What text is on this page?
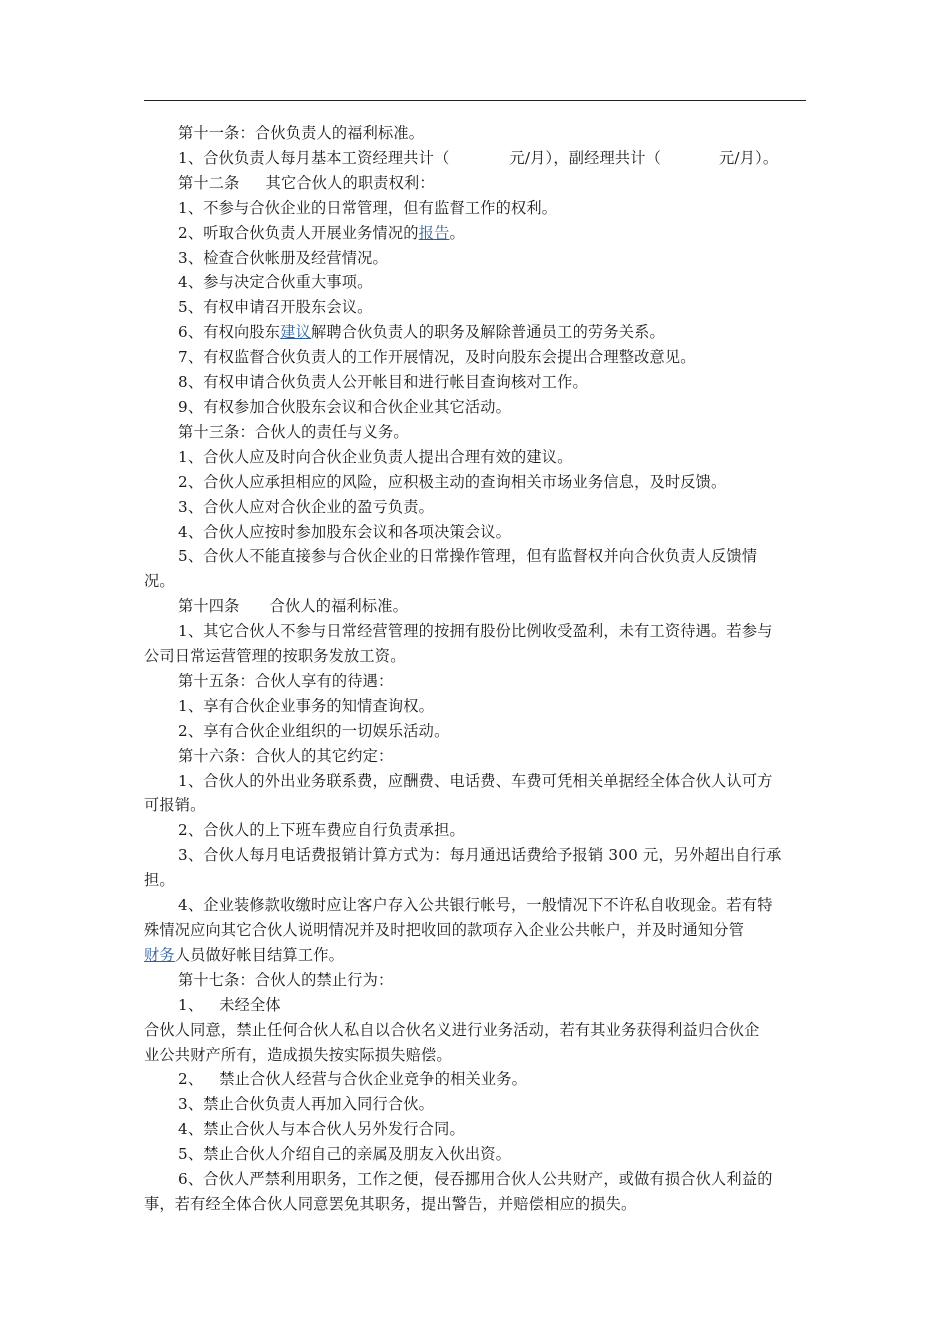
第十一条：合伙负责人的福利标准。

1、合伙负责人每月基本工资经理共计（	元/月），副经理共计（	元/月）。

第十二条 其它合伙人的职责权利：

1、不参与合伙企业的日常管理，但有监督工作的权利。

2、听取合伙负责人开展业务情况的报告。

3、检查合伙帐册及经营情况。

4、参与决定合伙重大事项。

5、有权申请召开股东会议。

6、有权向股东建议解聘合伙负责人的职务及解除普通员工的劳务关系。

7、有权监督合伙负责人的工作开展情况，及时向股东会提出合理整改意见。

8、有权申请合伙负责人公开帐目和进行帐目查询核对工作。

9、有权参加合伙股东会议和合伙企业其它活动。

第十三条：合伙人的责任与义务。

1、合伙人应及时向合伙企业负责人提出合理有效的建议。

2、合伙人应承担相应的风险，应积极主动的查询相关市场业务信息，及时反馈。

3、合伙人应对合伙企业的盈亏负责。

4、合伙人应按时参加股东会议和各项决策会议。

5、合伙人不能直接参与合伙企业的日常操作管理，但有监督权并向合伙负责人反馈情

况。

第十四条 合伙人的福利标准。

1、其它合伙人不参与日常经营管理的按拥有股份比例收受盈利，未有工资待遇。若参与

公司日常运营管理的按职务发放工资。

第十五条：合伙人享有的待遇：

1、享有合伙企业事务的知情查询权。

2、享有合伙企业组织的一切娱乐活动。

第十六条：合伙人的其它约定：

1、合伙人的外出业务联系费，应酬费、电话费、车费可凭相关单据经全体合伙人认可方

可报销。

2、合伙人的上下班车费应自行负责承担。

3、合伙人每月电话费报销计算方式为：每月通迅话费给予报销 300 元，另外超出自行承

担。

4、企业装修款收缴时应让客户存入公共银行帐号，一般情况下不许私自收现金。若有特

殊情况应向其它合伙人说明情况并及时把收回的款项存入企业公共帐户，并及时通知分管

财务人员做好帐目结算工作。

第十七条：合伙人的禁止行为：

1、 未经全体

合伙人同意，禁止任何合伙人私自以合伙名义进行业务活动，若有其业务获得利益归合伙企

业公共财产所有，造成损失按实际损失赔偿。

2、 禁止合伙人经营与合伙企业竞争的相关业务。

3、禁止合伙负责人再加入同行合伙。

4、禁止合伙人与本合伙人另外发行合同。

5、禁止合伙人介绍自己的亲属及朋友入伙出资。

6、合伙人严禁利用职务，工作之便，侵吞挪用合伙人公共财产，或做有损合伙人利益的

事，若有经全体合伙人同意罢免其职务，提出警告，并赔偿相应的损失。
